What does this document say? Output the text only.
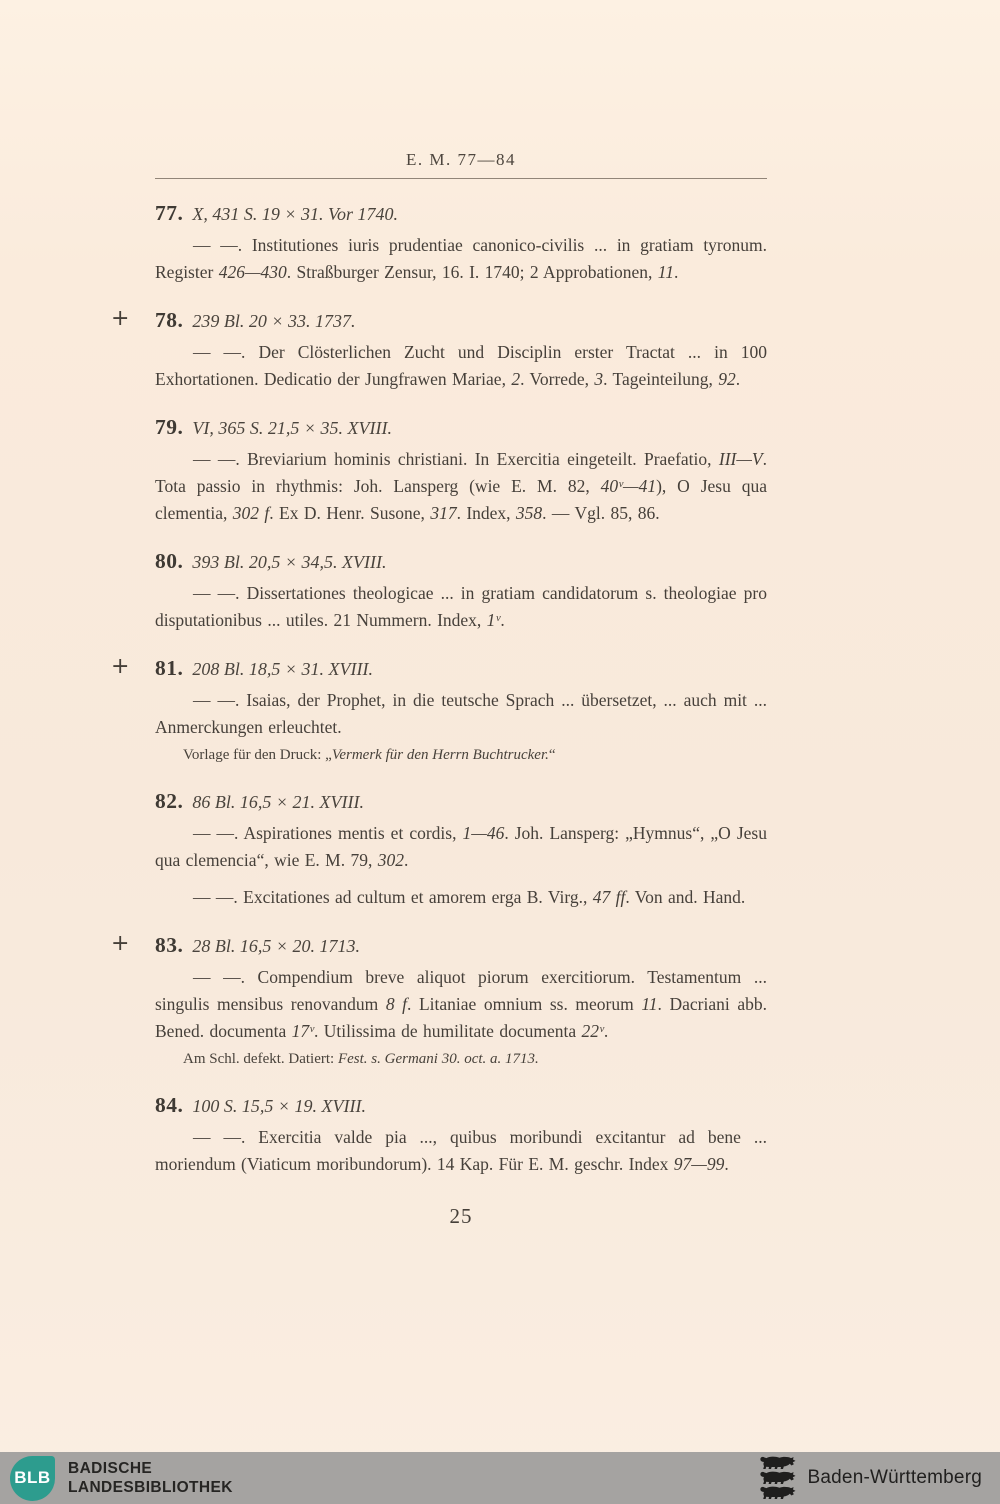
E. M. 77—84
77. X, 431 S. 19 × 31. Vor 1740.
— —. Institutiones iuris prudentiae canonico-civilis ... in gratiam tyronum. Register 426—430. Straßburger Zensur, 16. I. 1740; 2 Approbationen, 11.
+ 78. 239 Bl. 20 × 33. 1737.
— —. Der Clösterlichen Zucht und Disciplin erster Tractat ... in 100 Exhortationen. Dedicatio der Jungfrawen Mariae, 2. Vorrede, 3. Tageinteilung, 92.
79. VI, 365 S. 21,5 × 35. XVIII.
— —. Breviarium hominis christiani. In Exercitia eingeteilt. Praefatio, III—V. Tota passio in rhythmis: Joh. Lansperg (wie E. M. 82, 40ᵛ—41), O Jesu qua clementia, 302 f. Ex D. Henr. Susone, 317. Index, 358. — Vgl. 85, 86.
80. 393 Bl. 20,5 × 34,5. XVIII.
— —. Dissertationes theologicae ... in gratiam candidatorum s. theologiae pro disputationibus ... utiles. 21 Nummern. Index, 1ᵛ.
+ 81. 208 Bl. 18,5 × 31. XVIII.
— —. Isaias, der Prophet, in die teutsche Sprach ... übersetzet, ... auch mit ... Anmerckungen erleuchtet.
Vorlage für den Druck: „Vermerk für den Herrn Buchtrucker.“
82. 86 Bl. 16,5 × 21. XVIII.
— —. Aspirationes mentis et cordis, 1—46. Joh. Lansperg: „Hymnus“, „O Jesu qua clemencia“, wie E. M. 79, 302.
— —. Excitationes ad cultum et amorem erga B. Virg., 47 ff. Von and. Hand.
+ 83. 28 Bl. 16,5 × 20. 1713.
— —. Compendium breve aliquot piorum exercitiorum. Testamentum ... singulis mensibus renovandum 8 f. Litaniae omnium ss. meorum 11. Dacriani abb. Bened. documenta 17ᵛ. Utilissima de humilitate documenta 22ᵛ.
Am Schl. defekt. Datiert: Fest. s. Germani 30. oct. a. 1713.
84. 100 S. 15,5 × 19. XVIII.
— —. Exercitia valde pia ..., quibus moribundi excitantur ad bene ... moriendum (Viaticum moribundorum). 14 Kap. Für E. M. geschr. Index 97—99.
25
BLB BADISCHE
LANDESBIBLIOTHEK	Baden-Württemberg
